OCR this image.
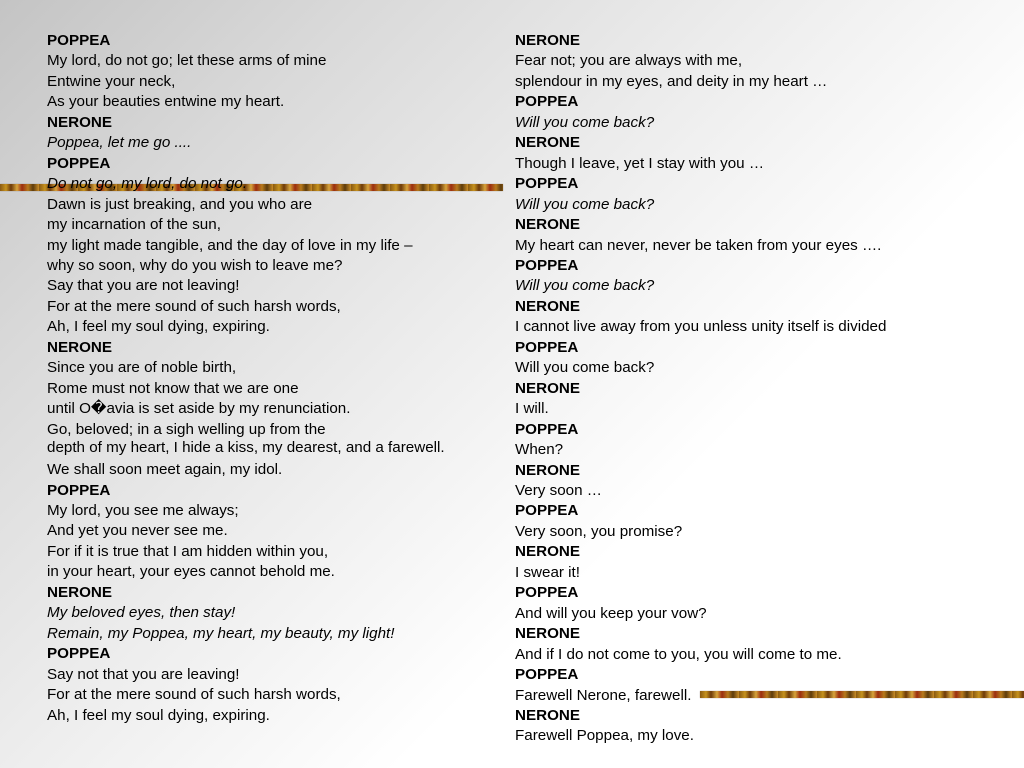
POPPEA
My lord, do not go; let these arms of mine
Entwine your neck,
As your beauties entwine my heart.
NERONE
Poppea, let me go ....
POPPEA
Do not go, my lord, do not go.
Dawn is just breaking, and you who are
my incarnation of the sun,
my light made tangible, and the day of love in my life –
why so soon, why do you wish to leave me?
Say that you are not leaving!
For at the mere sound of such harsh words,
Ah, I feel my soul dying, expiring.
NERONE
Since you are of noble birth,
Rome must not know that we are one
until O�avia is set aside by my renunciation.
Go, beloved; in a sigh welling up from the
depth of my heart, I hide a kiss, my dearest, and a farewell.
We shall soon meet again, my idol.
POPPEA
My lord, you see me always;
And yet you never see me.
For if it is true that I am hidden within you,
in your heart, your eyes cannot behold me.
NERONE
My beloved eyes, then stay!
Remain, my Poppea, my heart, my beauty, my light!
POPPEA
Say not that you are leaving!
For at the mere sound of such harsh words,
Ah, I feel my soul dying, expiring.
NERONE
Fear not; you are always with me,
splendour in my eyes, and deity in my heart …
POPPEA
Will you come back?
NERONE
Though I leave, yet I stay with you …
POPPEA
Will you come back?
NERONE
My heart can never, never be taken from your eyes ….
POPPEA
Will you come back?
NERONE
I cannot live away from you unless unity itself is divided
POPPEA
Will you come back?
NERONE
I will.
POPPEA
When?
NERONE
Very soon …
POPPEA
Very soon, you promise?
NERONE
I swear it!
POPPEA
And will you keep your vow?
NERONE
And if I do not come to you, you will come to me.
POPPEA
Farewell Nerone, farewell.
NERONE
Farewell Poppea, my love.
